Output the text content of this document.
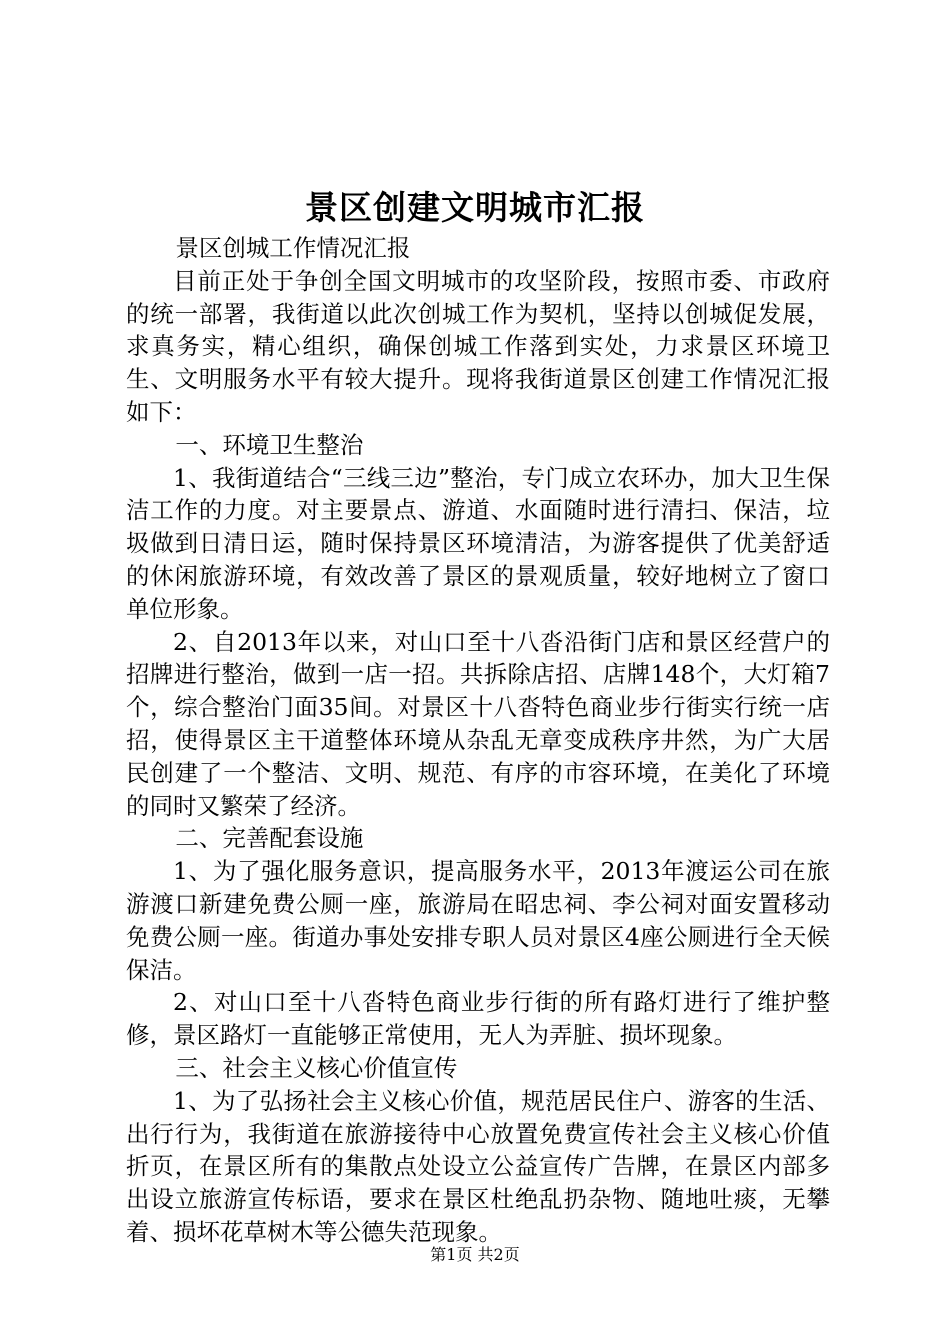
景区创建文明城市汇报

景区创城工作情况汇报

目前正处于争创全国文明城市的攻坚阶段，按照市委、市政府的统一部署，我街道以此次创城工作为契机，坚持以创城促发展，求真务实，精心组织，确保创城工作落到实处，力求景区环境卫生、文明服务水平有较大提升。现将我街道景区创建工作情况汇报如下：

一、环境卫生整治

1、我街道结合“三线三边”整治，专门成立农环办，加大卫生保洁工作的力度。对主要景点、游道、水面随时进行清扫、保洁，垃圾做到日清日运，随时保持景区环境清洁，为游客提供了优美舒适的休闲旅游环境，有效改善了景区的景观质量，较好地树立了窗口单位形象。

2、自2013年以来，对山口至十八沓沿街门店和景区经营户的招牌进行整治，做到一店一招。共拆除店招、店牌148个，大灯箱7个，综合整治门面35间。对景区十八沓特色商业步行街实行统一店招，使得景区主干道整体环境从杂乱无章变成秩序井然，为广大居民创建了一个整洁、文明、规范、有序的市容环境，在美化了环境的同时又繁荣了经济。

二、完善配套设施

1、为了强化服务意识，提高服务水平，2013年渡运公司在旅游渡口新建免费公厕一座，旅游局在昭忠祠、李公祠对面安置移动免费公厕一座。街道办事处安排专职人员对景区4座公厕进行全天候保洁。

2、对山口至十八沓特色商业步行街的所有路灯进行了维护整修，景区路灯一直能够正常使用，无人为弄脏、损坏现象。

三、社会主义核心价值宣传

1、为了弘扬社会主义核心价值，规范居民住户、游客的生活、出行行为，我街道在旅游接待中心放置免费宣传社会主义核心价值折页，在景区所有的集散点处设立公益宣传广告牌，在景区内部多出设立旅游宣传标语，要求在景区杜绝乱扔杂物、随地吐痰，无攀着、损坏花草树木等公德失范现象。

第1页 共2页
